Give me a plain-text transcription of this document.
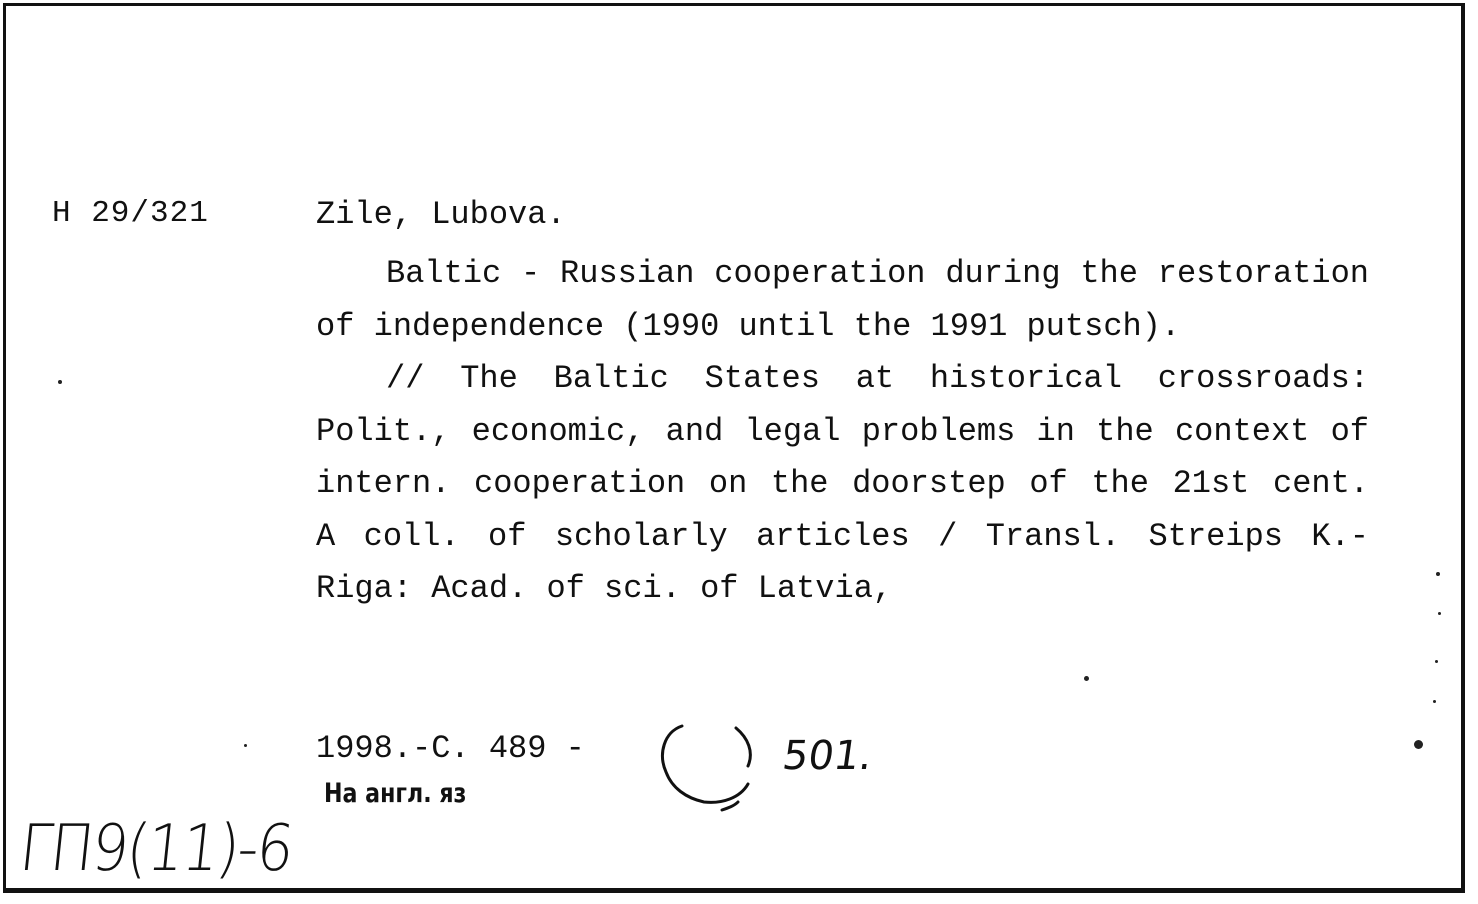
H 29/321	Zile, Lubova.

Baltic - Russian cooperation during the restoration of independence (1990 until the 1991 putsch).

// The Baltic States at historical crossroads: Polit., economic, and legal problems in the context of intern. cooperation on the doorstep of the 21st cent. A coll. of scholarly articles / Transl. Streips K.- Riga: Acad. of sci. of Latvia,

1998.-C. 489 -	501.
На англ. яз
ГП9(11)-6
